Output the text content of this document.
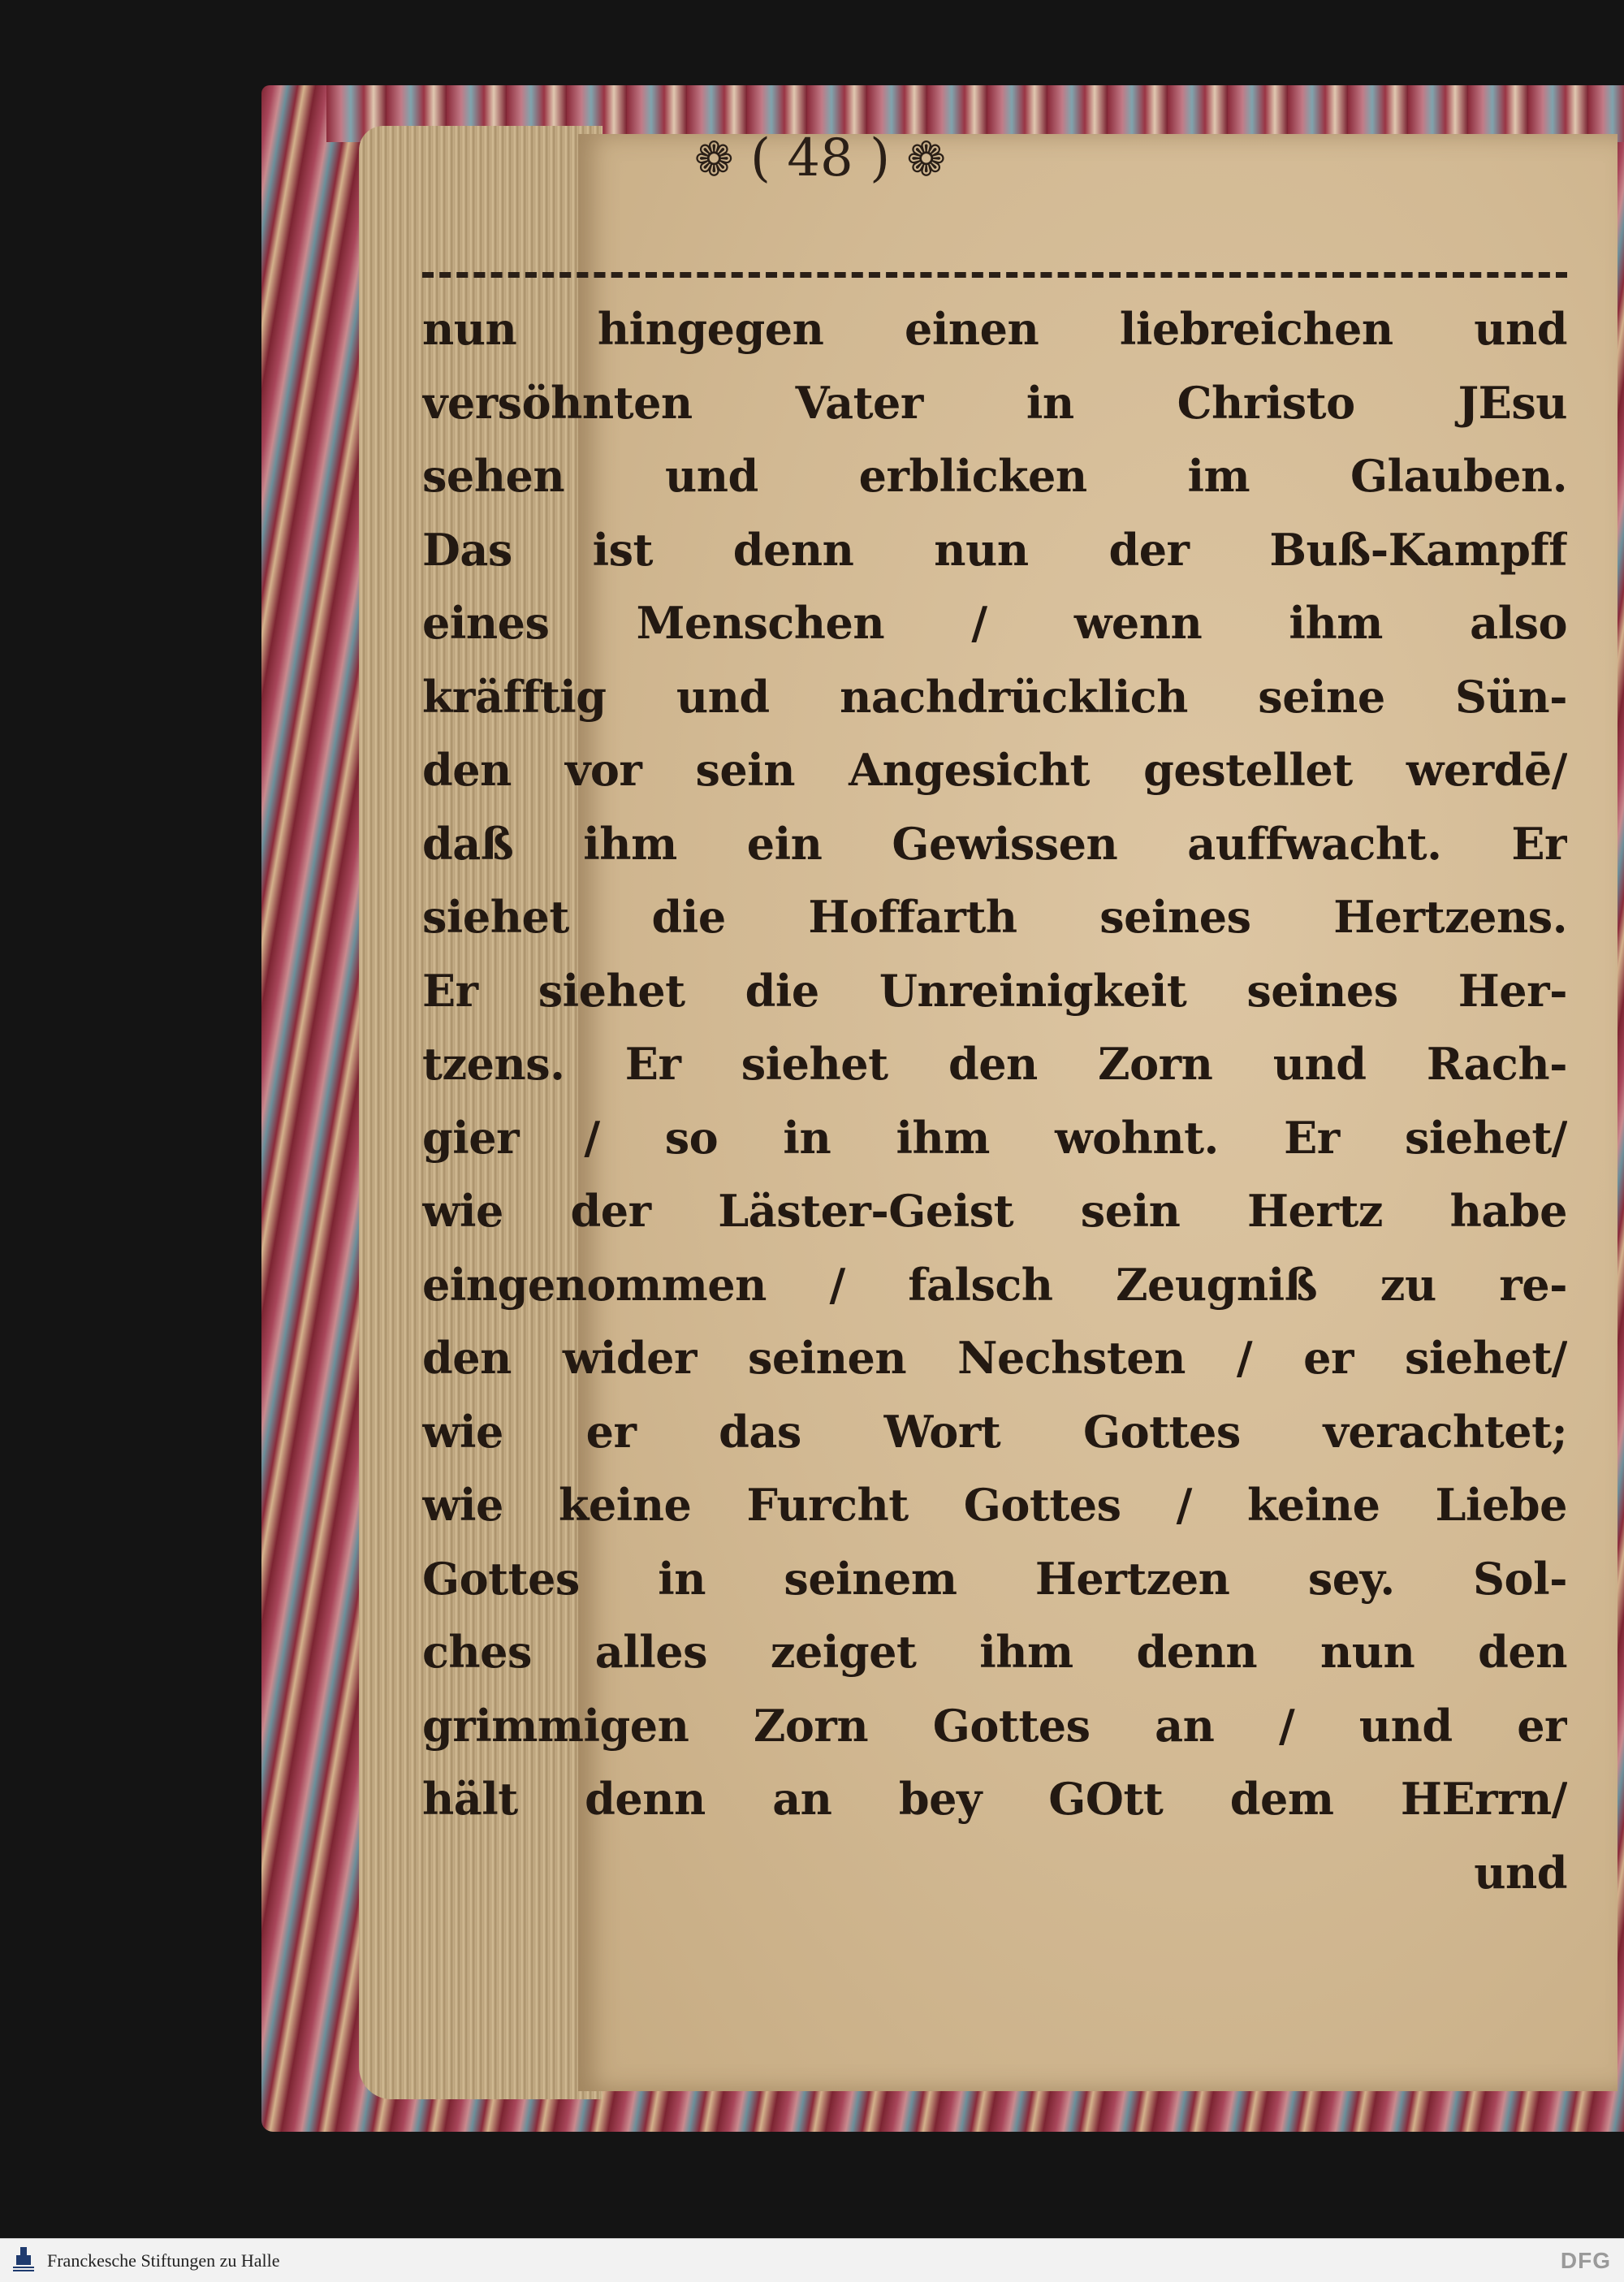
❁ ( 48 ) ❁
nun hingegen einen liebreichen und
versöhnten Vater in Christo JEsu
sehen und erblicken im Glauben.
Das ist denn nun der Buß-Kampff
eines Menschen / wenn ihm also
kräfftig und nachdrücklich seine Sün-
den vor sein Angesicht gestellet werdē/
daß ihm ein Gewissen auffwacht. Er
siehet die Hoffarth seines Hertzens.
Er siehet die Unreinigkeit seines Her-
tzens. Er siehet den Zorn und Rach-
gier / so in ihm wohnt. Er siehet/
wie der Läster-Geist sein Hertz habe
eingenommen / falsch Zeugniß zu re-
den wider seinen Nechsten / er siehet/
wie er das Wort Gottes verachtet;
wie keine Furcht Gottes / keine Liebe
Gottes in seinem Hertzen sey. Sol-
ches alles zeiget ihm denn nun den
grimmigen Zorn Gottes an / und er
hält denn an bey GOtt dem HErrn/
und
Franckesche Stiftungen zu Halle	DFG
